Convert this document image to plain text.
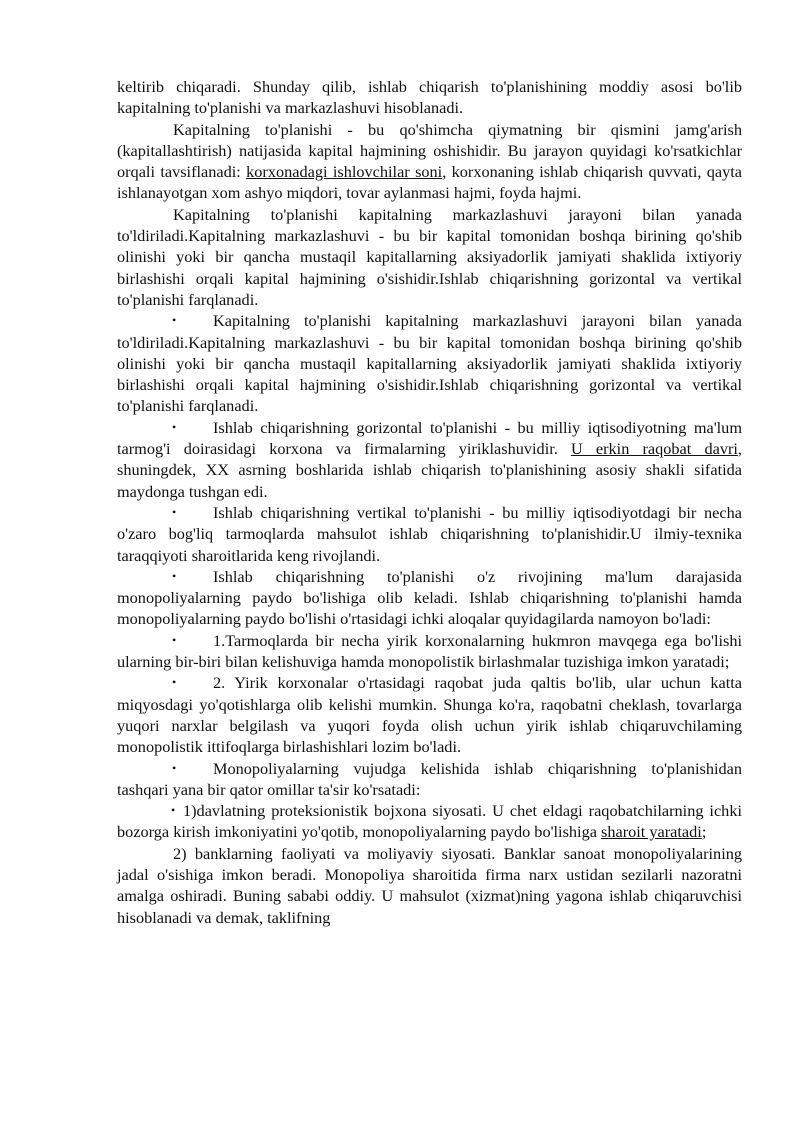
keltirib chiqaradi. Shunday qilib, ishlab chiqarish to'planishining moddiy asosi bo'lib kapitalning to'planishi va markazlashuvi hisoblanadi.

Kapitalning to'planishi - bu qo'shimcha qiymatning bir qismini jamg'arish (kapitallashtirish) natijasida kapital hajmining oshishidir. Bu jarayon quyidagi ko'rsatkichlar orqali tavsiflanadi: korxonadagi ishlovchilar soni, korxonaning ishlab chiqarish quvvati, qayta ishlanayotgan xom ashyo miqdori, tovar aylanmasi hajmi, foyda hajmi.

Kapitalning to'planishi kapitalning markazlashuvi jarayoni bilan yanada to'ldiriladi.Kapitalning markazlashuvi - bu bir kapital tomonidan boshqa birining qo'shib olinishi yoki bir qancha mustaqil kapitallarning aksiyadorlik jamiyati shaklida ixtiyoriy birlashishi orqali kapital hajmining o'sishidir.Ishlab chiqarishning gorizontal va vertikal to'planishi farqlanadi.

• Kapitalning to'planishi kapitalning markazlashuvi jarayoni bilan yanada to'ldiriladi.Kapitalning markazlashuvi - bu bir kapital tomonidan boshqa birining qo'shib olinishi yoki bir qancha mustaqil kapitallarning aksiyadorlik jamiyati shaklida ixtiyoriy birlashishi orqali kapital hajmining o'sishidir.Ishlab chiqarishning gorizontal va vertikal to'planishi farqlanadi.

• Ishlab chiqarishning gorizontal to'planishi - bu milliy iqtisodiyotning ma'lum tarmog'i doirasidagi korxona va firmalarning yiriklashuvidir. U erkin raqobat davri, shuningdek, XX asrning boshlarida ishlab chiqarish to'planishining asosiy shakli sifatida maydonga tushgan edi.

• Ishlab chiqarishning vertikal to'planishi - bu milliy iqtisodiyotdagi bir necha o'zaro bog'liq tarmoqlarda mahsulot ishlab chiqarishning to'planishidir.U ilmiy-texnika taraqqiyoti sharoitlarida keng rivojlandi.

• Ishlab chiqarishning to'planishi o'z rivojining ma'lum darajasida monopoliyalarning paydo bo'lishiga olib keladi. Ishlab chiqarishning to'planishi hamda monopoliyalarning paydo bo'lishi o'rtasidagi ichki aloqalar quyidagilarda namoyon bo'ladi:

• 1.Tarmoqlarda bir necha yirik korxonalarning hukmron mavqega ega bo'lishi ularning bir-biri bilan kelishuviga hamda monopolistik birlashmalar tuzishiga imkon yaratadi;

• 2. Yirik korxonalar o'rtasidagi raqobat juda qaltis bo'lib, ular uchun katta miqyosdagi yo'qotishlarga olib kelishi mumkin. Shunga ko'ra, raqobatni cheklash, tovarlarga yuqori narxlar belgilash va yuqori foyda olish uchun yirik ishlab chiqaruvchilaming monopolistik ittifoqlarga birlashishlari lozim bo'ladi.

• Monopoliyalarning vujudga kelishida ishlab chiqarishning to'planishidan tashqari yana bir qator omillar ta'sir ko'rsatadi:

• 1)davlatning proteksionistik bojxona siyosati. U chet eldagi raqobatchilarning ichki bozorga kirish imkoniyatini yo'qotib, monopoliyalarning paydo bo'lishiga sharoit yaratadi;

2) banklarning faoliyati va moliyaviy siyosati. Banklar sanoat monopoliyalarining jadal o'sishiga imkon beradi. Monopoliya sharoitida firma narx ustidan sezilarli nazoratni amalga oshiradi. Buning sababi oddiy. U mahsulot (xizmat)ning yagona ishlab chiqaruvchisi hisoblanadi va demak, taklifning
